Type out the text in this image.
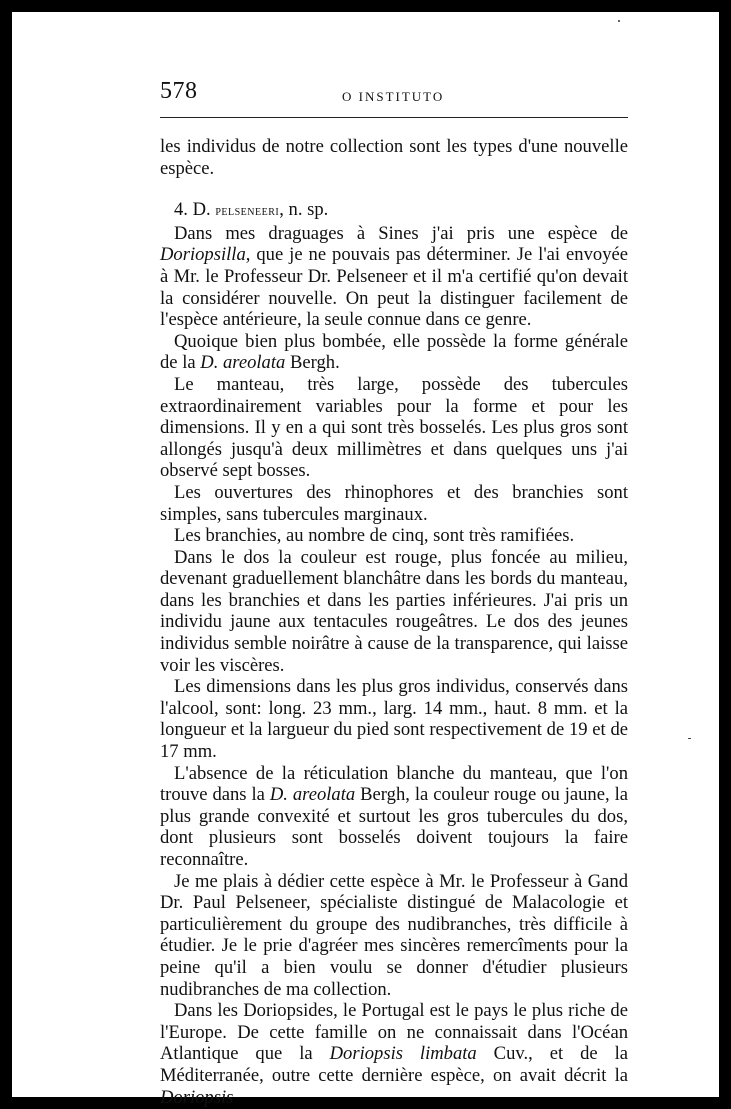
578	O INSTITUTO

les individus de notre collection sont les types d'une nouvelle espèce.

4. D. pelseneeri, n. sp.

Dans mes draguages à Sines j'ai pris une espèce de Doriopsilla, que je ne pouvais pas déterminer. Je l'ai envoyée à Mr. le Professeur Dr. Pelseneer et il m'a certifié qu'on devait la considérer nouvelle. On peut la distinguer facilement de l'espèce antérieure, la seule connue dans ce genre.

Quoique bien plus bombée, elle possède la forme générale de la D. areolata Bergh.

Le manteau, très large, possède des tubercules extraordinairement variables pour la forme et pour les dimensions. Il y en a qui sont très bosselés. Les plus gros sont allongés jusqu'à deux millimètres et dans quelques uns j'ai observé sept bosses.

Les ouvertures des rhinophores et des branchies sont simples, sans tubercules marginaux.

Les branchies, au nombre de cinq, sont très ramifiées.

Dans le dos la couleur est rouge, plus foncée au milieu, devenant graduellement blanchâtre dans les bords du manteau, dans les branchies et dans les parties inférieures. J'ai pris un individu jaune aux tentacules rougeâtres. Le dos des jeunes individus semble noirâtre à cause de la transparence, qui laisse voir les viscères.

Les dimensions dans les plus gros individus, conservés dans l'alcool, sont: long. 23 mm., larg. 14 mm., haut. 8 mm. et la longueur et la largueur du pied sont respectivement de 19 et de 17 mm.

L'absence de la réticulation blanche du manteau, que l'on trouve dans la D. areolata Bergh, la couleur rouge ou jaune, la plus grande convexité et surtout les gros tubercules du dos, dont plusieurs sont bosselés doivent toujours la faire reconnaître.

Je me plais à dédier cette espèce à Mr. le Professeur à Gand Dr. Paul Pelseneer, spécialiste distingué de Malacologie et particulièrement du groupe des nudibranches, très difficile à étudier. Je le prie d'agréer mes sincères remercîments pour la peine qu'il a bien voulu se donner d'étudier plusieurs nudibranches de ma collection.

Dans les Doriopsides, le Portugal est le pays le plus riche de l'Europe. De cette famille on ne connaissait dans l'Océan Atlantique que la Doriopsis limbata Cuv., et de la Méditerranée, outre cette dernière espèce, on avait décrit la Doriopsis
